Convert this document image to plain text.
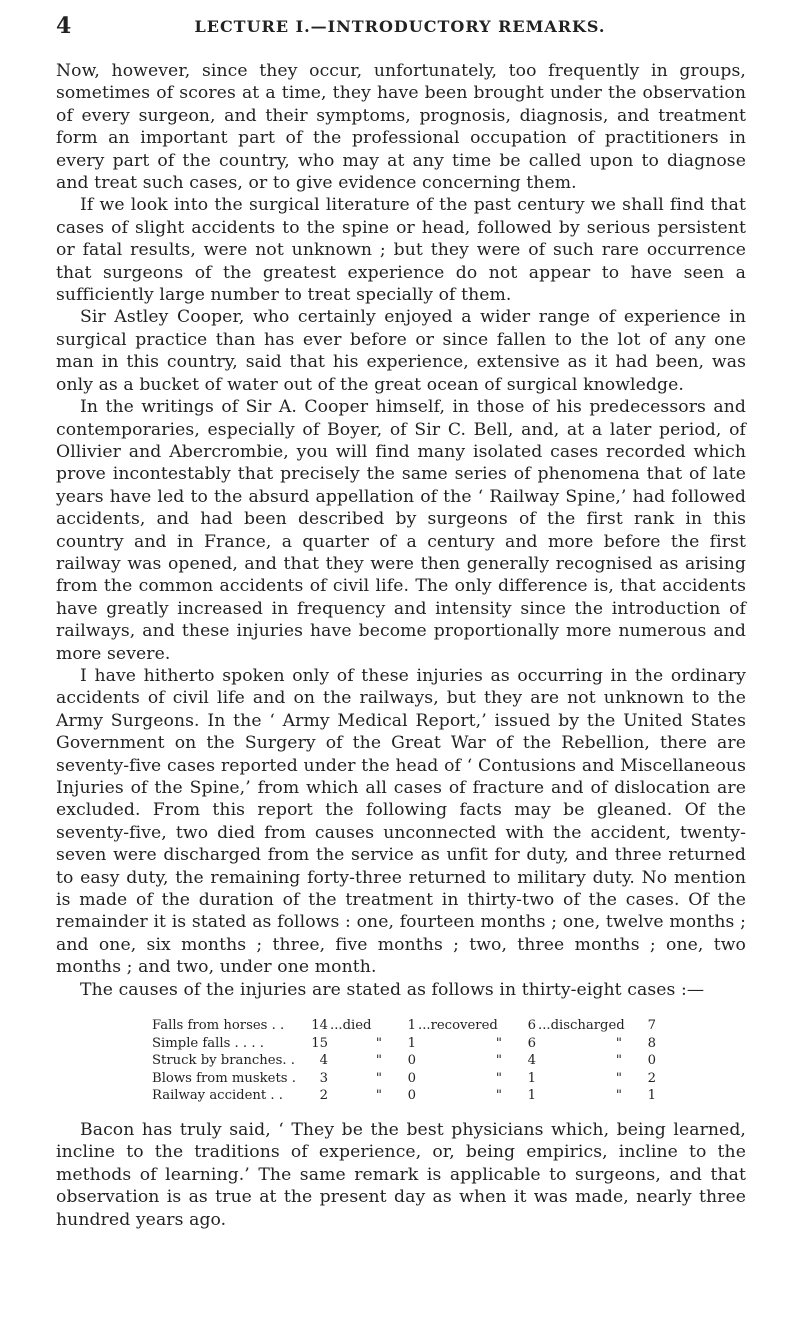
4	LECTURE I.—INTRODUCTORY REMARKS.

Now, however, since they occur, unfortunately, too frequently in groups, sometimes of scores at a time, they have been brought under the observation of every surgeon, and their symptoms, prognosis, diagnosis, and treatment form an important part of the professional occupation of practitioners in every part of the country, who may at any time be called upon to diagnose and treat such cases, or to give evidence concerning them.

If we look into the surgical literature of the past century we shall find that cases of slight accidents to the spine or head, followed by serious persistent or fatal results, were not unknown ; but they were of such rare occurrence that surgeons of the greatest experience do not appear to have seen a sufficiently large number to treat specially of them.

Sir Astley Cooper, who certainly enjoyed a wider range of experience in surgical practice than has ever before or since fallen to the lot of any one man in this country, said that his experience, extensive as it had been, was only as a bucket of water out of the great ocean of surgical knowledge.

In the writings of Sir A. Cooper himself, in those of his predecessors and contemporaries, especially of Boyer, of Sir C. Bell, and, at a later period, of Ollivier and Abercrombie, you will find many isolated cases recorded which prove incontestably that precisely the same series of phenomena that of late years have led to the absurd appellation of the ‘ Railway Spine,’ had followed accidents, and had been described by surgeons of the first rank in this country and in France, a quarter of a century and more before the first railway was opened, and that they were then generally recognised as arising from the common accidents of civil life. The only difference is, that accidents have greatly increased in frequency and intensity since the introduction of railways, and these injuries have become proportionally more numerous and more severe.

I have hitherto spoken only of these injuries as occurring in the ordinary accidents of civil life and on the railways, but they are not unknown to the Army Surgeons. In the ‘ Army Medical Report,’ issued by the United States Government on the Surgery of the Great War of the Rebellion, there are seventy-five cases reported under the head of ‘ Contusions and Miscellaneous Injuries of the Spine,’ from which all cases of fracture and of dislocation are excluded. From this report the following facts may be gleaned. Of the seventy-five, two died from causes unconnected with the accident, twenty-seven were discharged from the service as unfit for duty, and three returned to easy duty, the remaining forty-three returned to military duty. No mention is made of the duration of the treatment in thirty-two of the cases. Of the remainder it is stated as follows : one, fourteen months ; one, twelve months ; and one, six months ; three, five months ; two, three months ; one, two months ; and two, under one month.

The causes of the injuries are stated as follows in thirty-eight cases :—

Falls from horses . .	14 ...died	1 ...recovered	6 ...discharged	7
Simple falls . . . .	15	"	1	"	6	"	8
Struck by branches. .	4	"	0	"	4	"	0
Blows from muskets .	3	"	0	"	1	"	2
Railway accident . .	2	"	0	"	1	"	1

Bacon has truly said, ‘ They be the best physicians which, being learned, incline to the traditions of experience, or, being empirics, incline to the methods of learning.’ The same remark is applicable to surgeons, and that observation is as true at the present day as when it was made, nearly three hundred years ago.
